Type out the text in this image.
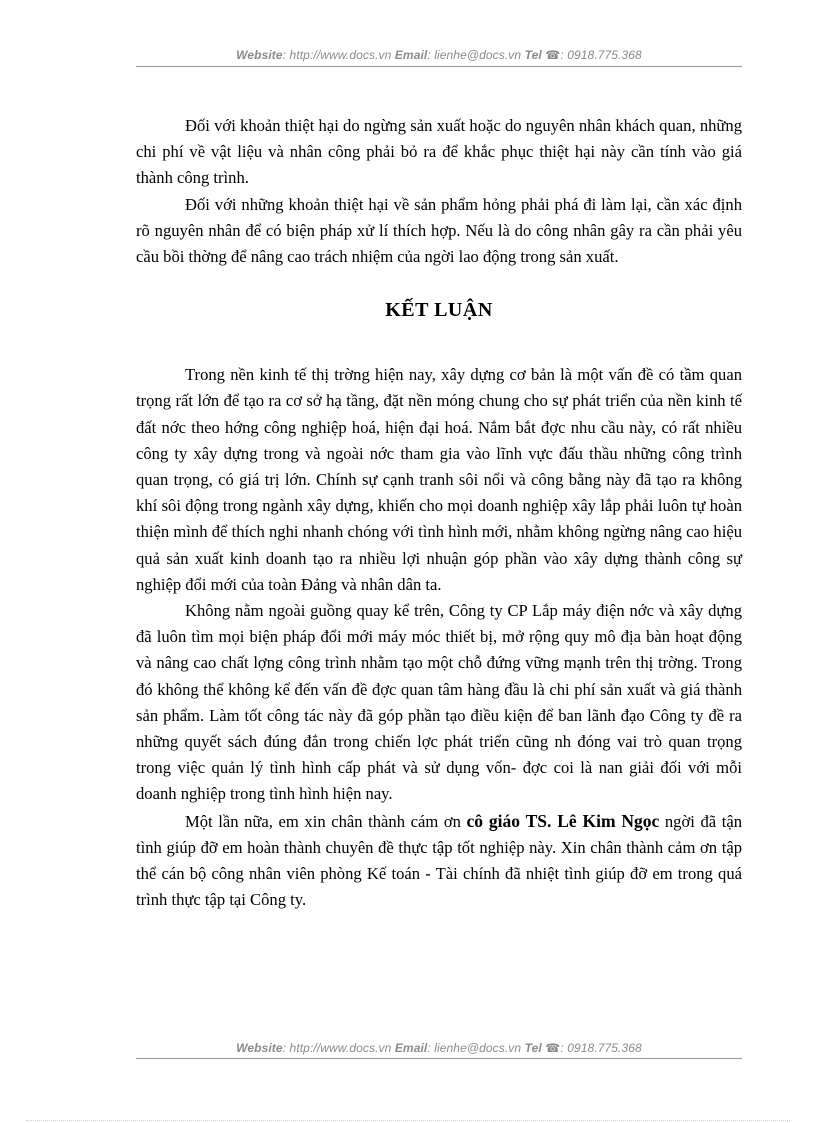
Website: http://www.docs.vn Email: lienhe@docs.vn Tel ☎: 0918.775.368

Đối với khoản thiệt hại do ngừng sản xuất hoặc do nguyên nhân khách quan, những chi phí về vật liệu và nhân công phải bỏ ra để khắc phục thiệt hại này cần tính vào giá thành công trình.

Đối với những khoản thiệt hại về sản phẩm hỏng phải phá đi làm lại, cần xác định rõ nguyên nhân để có biện pháp xử lí thích hợp. Nếu là do công nhân gây ra cần phải yêu cầu bồi thờng để nâng cao trách nhiệm của ngời lao động trong sản xuất.

KẾT LUẬN

Trong nền kinh tế thị trờng hiện nay, xây dựng cơ bản là một vấn đề có tầm quan trọng rất lớn để tạo ra cơ sở hạ tầng, đặt nền móng chung cho sự phát triển của nền kinh tế đất nớc theo hớng công nghiệp hoá, hiện đại hoá. Nắm bắt đợc nhu cầu này, có rất nhiều công ty xây dựng trong và ngoài nớc tham gia vào lĩnh vực đấu thầu những công trình quan trọng, có giá trị lớn. Chính sự cạnh tranh sôi nổi và công bằng này đã tạo ra không khí sôi động trong ngành xây dựng, khiến cho mọi doanh nghiệp xây lắp phải luôn tự hoàn thiện mình để thích nghi nhanh chóng với tình hình mới, nhằm không ngừng nâng cao hiệu quả sản xuất kinh doanh tạo ra nhiều lợi nhuận góp phần vào xây dựng thành công sự nghiệp đổi mới của toàn Đảng và nhân dân ta.

Không nằm ngoài guồng quay kể trên, Công ty CP Lắp máy điện nớc và xây dựng đã luôn tìm mọi biện pháp đổi mới máy móc thiết bị, mở rộng quy mô địa bàn hoạt động và nâng cao chất lợng công trình nhằm tạo một chỗ đứng vững mạnh trên thị trờng. Trong đó không thể không kể đến vấn đề đợc quan tâm hàng đầu là chi phí sản xuất và giá thành sản phẩm. Làm tốt công tác này đã góp phần tạo điều kiện để ban lãnh đạo Công ty đề ra những quyết sách đúng đắn trong chiến lợc phát triển cũng nh đóng vai trò quan trọng trong việc quản lý tình hình cấp phát và sử dụng vốn- đợc coi là nan giải đối với mỗi doanh nghiệp trong tình hình hiện nay.

Một lần nữa, em xin chân thành cám ơn cô giáo TS. Lê Kim Ngọc ngời đã tận tình giúp đỡ em hoàn thành chuyên đề thực tập tốt nghiệp này. Xin chân thành cảm ơn tập thể cán bộ công nhân viên phòng Kế toán - Tài chính đã nhiệt tình giúp đỡ em trong quá trình thực tập tại Công ty.

Website: http://www.docs.vn Email: lienhe@docs.vn Tel ☎: 0918.775.368
